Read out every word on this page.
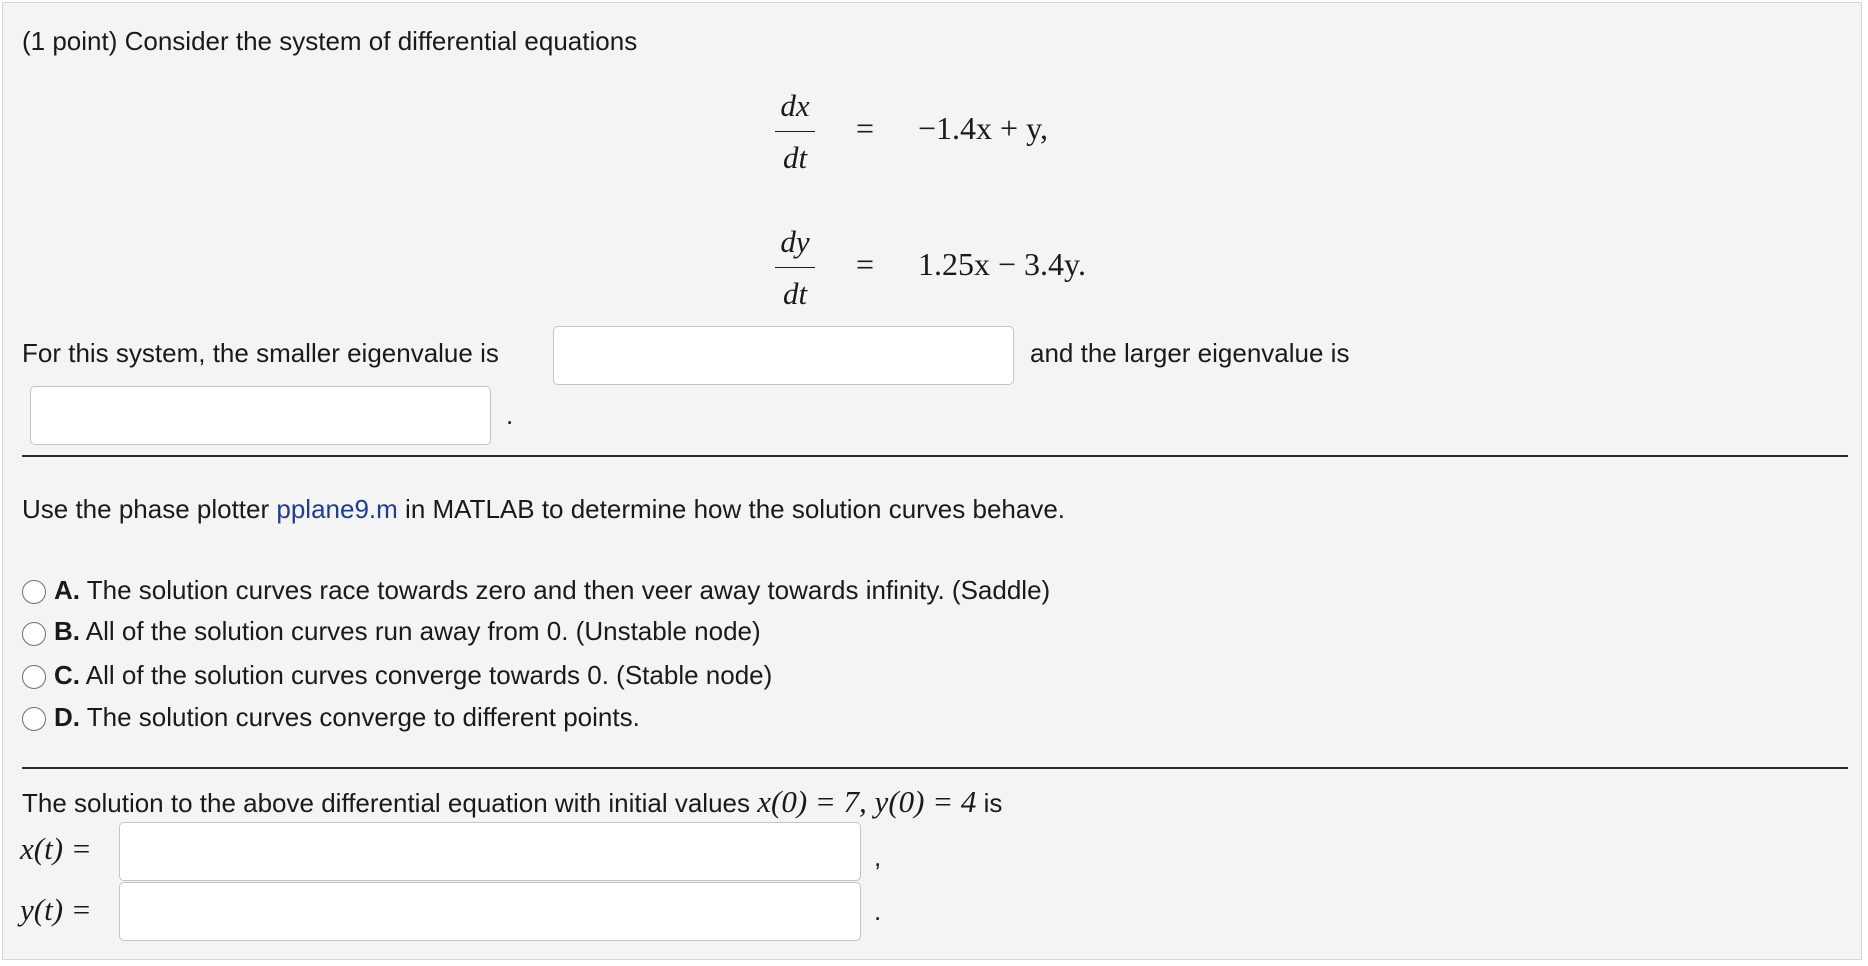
(1 point) Consider the system of differential equations
dx
dt
= −1.4x + y,
dy
dt
= 1.25x − 3.4y.
For this system, the smaller eigenvalue is	and the larger eigenvalue is
.
Use the phase plotter pplane9.m in MATLAB to determine how the solution curves behave.
A. The solution curves race towards zero and then veer away towards infinity. (Saddle)
B. All of the solution curves run away from 0. (Unstable node)
C. All of the solution curves converge towards 0. (Stable node)
D. The solution curves converge to different points.
The solution to the above differential equation with initial values x(0) = 7, y(0) = 4 is
x(t) =	,
y(t) =	.
